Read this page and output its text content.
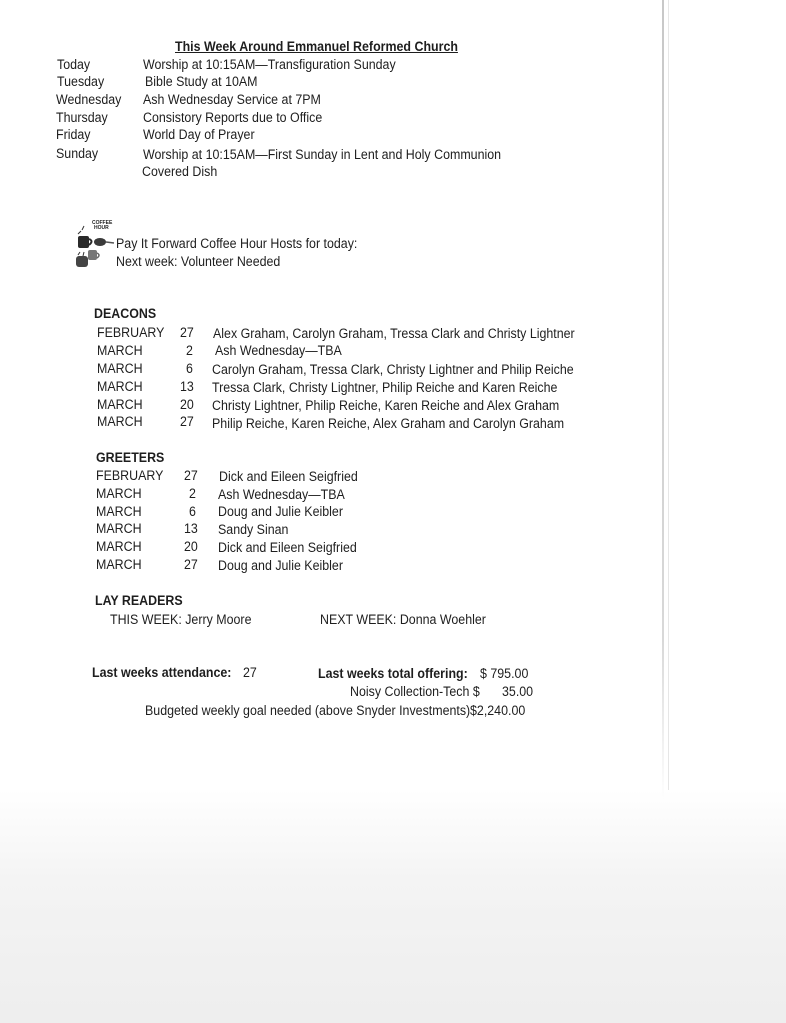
This Week Around Emmanuel Reformed Church
Today	Worship at 10:15AM—Transfiguration Sunday
Tuesday	Bible Study at 10AM
Wednesday Ash Wednesday Service at 7PM
Thursday	Consistory Reports due to Office
Friday	World Day of Prayer
Sunday	Worship at 10:15AM—First Sunday in Lent and Holy Communion
Covered Dish
COFFEE
HOUR
Pay It Forward Coffee Hour Hosts for today:
Next week: Volunteer Needed
DEACONS
FEBRUARY 27 Alex Graham, Carolyn Graham, Tressa Clark and Christy Lightner
MARCH	2 Ash Wednesday—TBA
MARCH	6 Carolyn Graham, Tressa Clark, Christy Lightner and Philip Reiche
MARCH	13 Tressa Clark, Christy Lightner, Philip Reiche and Karen Reiche
MARCH	20 Christy Lightner, Philip Reiche, Karen Reiche and Alex Graham
MARCH	27 Philip Reiche, Karen Reiche, Alex Graham and Carolyn Graham
GREETERS
FEBRUARY 27 Dick and Eileen Seigfried
MARCH	2 Ash Wednesday—TBA
MARCH	6 Doug and Julie Keibler
MARCH	13 Sandy Sinan
MARCH	20 Dick and Eileen Seigfried
MARCH	27 Doug and Julie Keibler
LAY READERS
THIS WEEK: Jerry Moore	NEXT WEEK: Donna Woehler
Last weeks attendance: 27	Last weeks total offering: $ 795.00
Noisy Collection-Tech $ 35.00
Budgeted weekly goal needed (above Snyder Investments) $2,240.00
